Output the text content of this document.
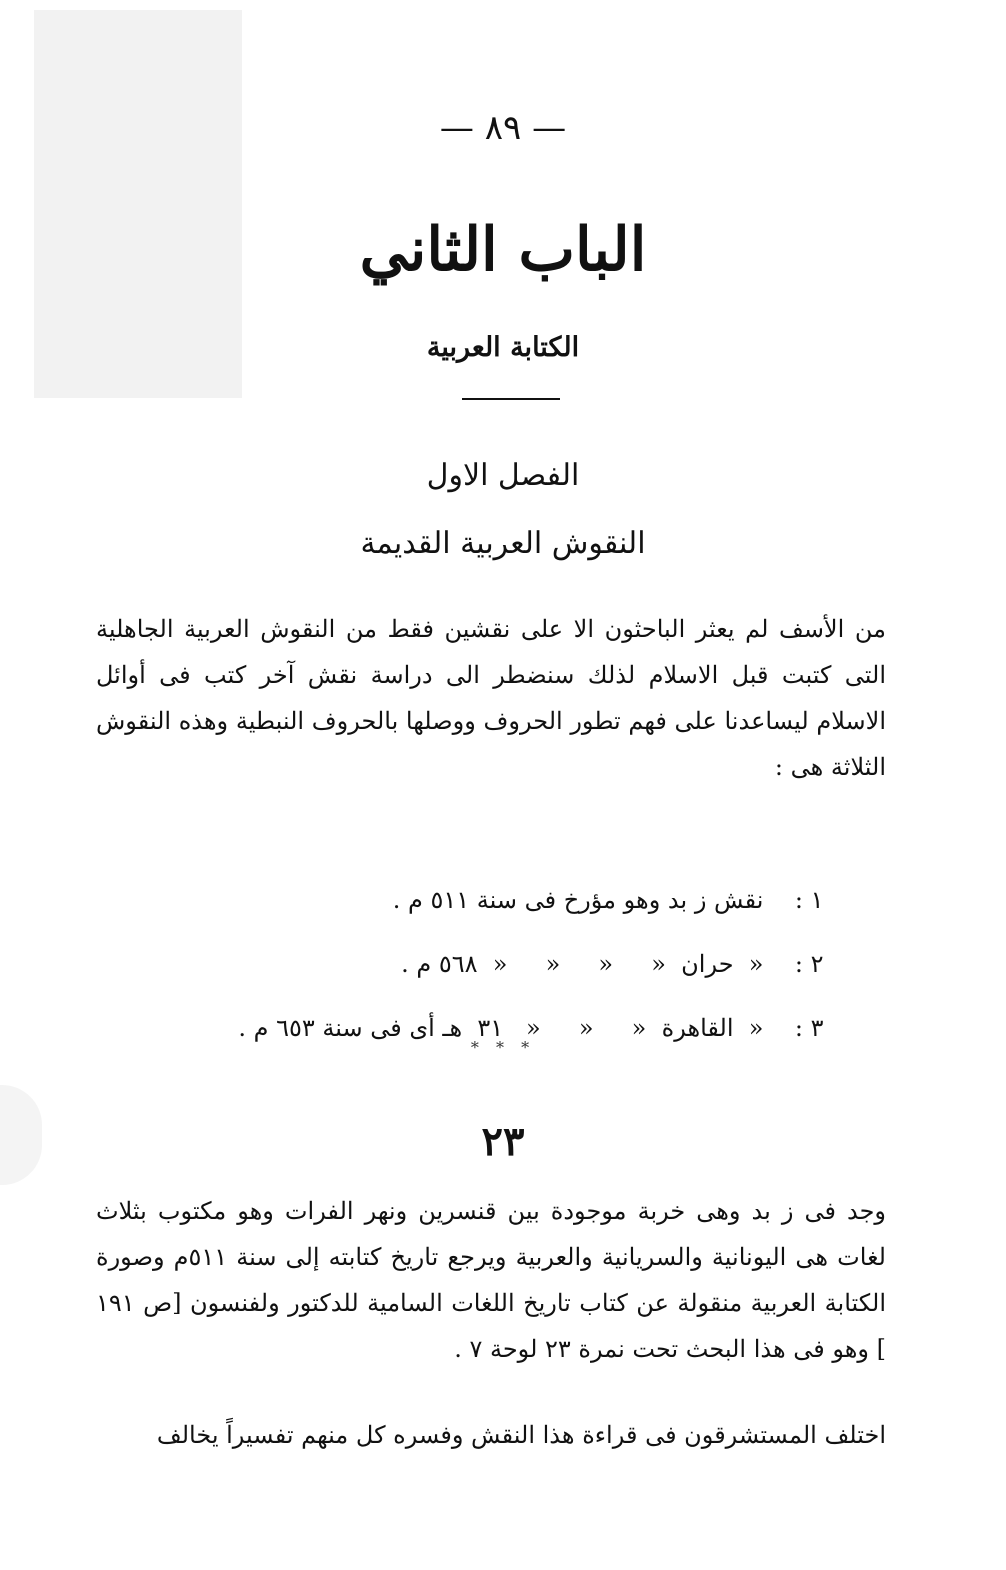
— ٨٩ —
الباب الثاني
الكتابة العربية
الفصل الاول
النقوش العربية القديمة

من الأسف لم يعثر الباحثون الا على نقشين فقط من النقوش العربية الجاهلية التى كتبت قبل الاسلام لذلك سنضطر الى دراسة نقش آخر كتب فى أوائل الاسلام ليساعدنا على فهم تطور الحروف ووصلها بالحروف النبطية وهذه النقوش الثلاثة هى :

١ :نقش ز بد وهو مؤرخ فى سنة ٥١١ م .

٢ :«  حران  «     «     «     «  ٥٦٨ م .

٣ :«  القاهرة  «     «     «   ٣١  هـ أى فى سنة ٦٥٣ م .

* * *
٢٣

وجد فى ز بد وهى خربة موجودة بين قنسرين ونهر الفرات وهو مكتوب بثلاث لغات هى اليونانية والسريانية والعربية ويرجع تاريخ كتابته إلى سنة ٥١١م وصورة الكتابة العربية منقولة عن كتاب تاريخ اللغات السامية للدكتور ولفنسون [ص ١٩١ ] وهو فى هذا البحث تحت نمرة ٢٣ لوحة ٧ .

اختلف المستشرقون فى قراءة هذا النقش وفسره كل منهم تفسيراً يخالف
